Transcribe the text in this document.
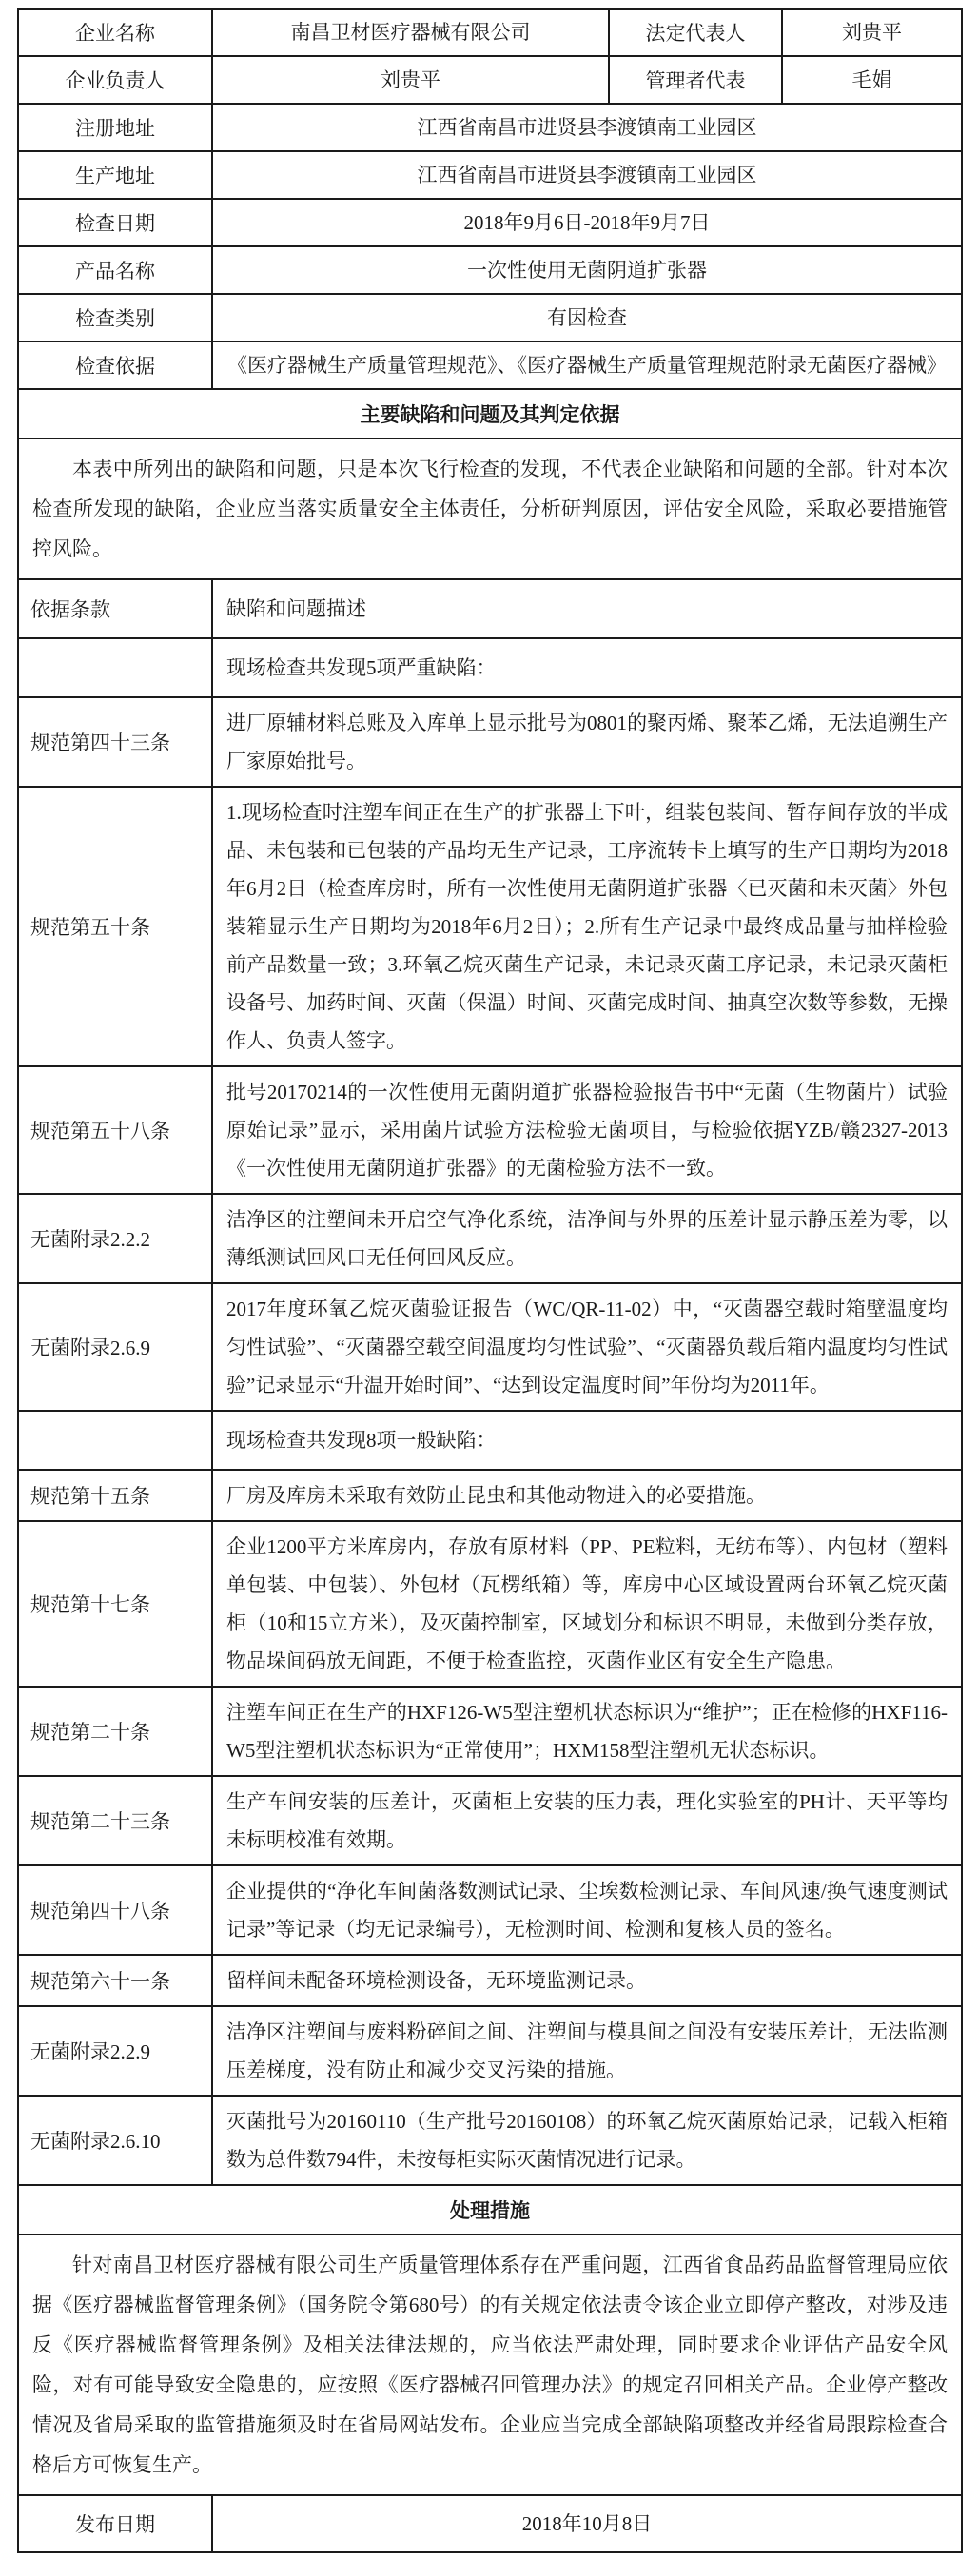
企业名称	南昌卫材医疗器械有限公司	法定代表人	刘贵平
企业负责人	刘贵平	管理者代表	毛娟
注册地址	江西省南昌市进贤县李渡镇南工业园区		
生产地址	江西省南昌市进贤县李渡镇南工业园区		
检查日期	2018年9月6日-2018年9月7日		
产品名称	一次性使用无菌阴道扩张器		
检查类别	有因检查		
检查依据	《医疗器械生产质量管理规范》、《医疗器械生产质量管理规范附录无菌医疗器械》		
主要缺陷和问题及其判定依据			
本表中所列出的缺陷和问题，只是本次飞行检查的发现，不代表企业缺陷和问题的全部。针对本次检查所发现的缺陷，企业应当落实质量安全主体责任，分析研判原因，评估安全风险，采取必要措施管控风险。			
依据条款	缺陷和问题描述		
	现场检查共发现5项严重缺陷：		
规范第四十三条	进厂原辅材料总账及入库单上显示批号为0801的聚丙烯、聚苯乙烯，无法追溯生产厂家原始批号。		
规范第五十条	1.现场检查时注塑车间正在生产的扩张器上下叶，组装包装间、暂存间存放的半成品、未包装和已包装的产品均无生产记录，工序流转卡上填写的生产日期均为2018年6月2日（检查库房时，所有一次性使用无菌阴道扩张器〈已灭菌和未灭菌〉外包装箱显示生产日期均为2018年6月2日）；2.所有生产记录中最终成品量与抽样检验前产品数量一致；3.环氧乙烷灭菌生产记录，未记录灭菌工序记录，未记录灭菌柜设备号、加药时间、灭菌（保温）时间、灭菌完成时间、抽真空次数等参数，无操作人、负责人签字。		
规范第五十八条	批号20170214的一次性使用无菌阴道扩张器检验报告书中“无菌（生物菌片）试验原始记录”显示，采用菌片试验方法检验无菌项目，与检验依据YZB/赣2327-2013《一次性使用无菌阴道扩张器》的无菌检验方法不一致。		
无菌附录2.2.2	洁净区的注塑间未开启空气净化系统，洁净间与外界的压差计显示静压差为零，以薄纸测试回风口无任何回风反应。		
无菌附录2.6.9	2017年度环氧乙烷灭菌验证报告（WC/QR-11-02）中，“灭菌器空载时箱壁温度均匀性试验”、“灭菌器空载空间温度均匀性试验”、“灭菌器负载后箱内温度均匀性试验”记录显示“升温开始时间”、“达到设定温度时间”年份均为2011年。		
	现场检查共发现8项一般缺陷：		
规范第十五条	厂房及库房未采取有效防止昆虫和其他动物进入的必要措施。		
规范第十七条	企业1200平方米库房内，存放有原材料（PP、PE粒料，无纺布等）、内包材（塑料单包装、中包装）、外包材（瓦楞纸箱）等，库房中心区域设置两台环氧乙烷灭菌柜（10和15立方米），及灭菌控制室，区域划分和标识不明显，未做到分类存放，物品垛间码放无间距，不便于检查监控，灭菌作业区有安全生产隐患。		
规范第二十条	注塑车间正在生产的HXF126-W5型注塑机状态标识为“维护”；正在检修的HXF116-W5型注塑机状态标识为“正常使用”；HXM158型注塑机无状态标识。		
规范第二十三条	生产车间安装的压差计，灭菌柜上安装的压力表，理化实验室的PH计、天平等均未标明校准有效期。		
规范第四十八条	企业提供的“净化车间菌落数测试记录、尘埃数检测记录、车间风速/换气速度测试记录”等记录（均无记录编号），无检测时间、检测和复核人员的签名。		
规范第六十一条	留样间未配备环境检测设备，无环境监测记录。		
无菌附录2.2.9	洁净区注塑间与废料粉碎间之间、注塑间与模具间之间没有安装压差计，无法监测压差梯度，没有防止和减少交叉污染的措施。		
无菌附录2.6.10	灭菌批号为20160110（生产批号20160108）的环氧乙烷灭菌原始记录，记载入柜箱数为总件数794件，未按每柜实际灭菌情况进行记录。		
处理措施			
针对南昌卫材医疗器械有限公司生产质量管理体系存在严重问题，江西省食品药品监督管理局应依据《医疗器械监督管理条例》（国务院令第680号）的有关规定依法责令该企业立即停产整改，对涉及违反《医疗器械监督管理条例》及相关法律法规的，应当依法严肃处理，同时要求企业评估产品安全风险，对有可能导致安全隐患的，应按照《医疗器械召回管理办法》的规定召回相关产品。企业停产整改情况及省局采取的监管措施须及时在省局网站发布。企业应当完成全部缺陷项整改并经省局跟踪检查合格后方可恢复生产。			
发布日期	2018年10月8日		
